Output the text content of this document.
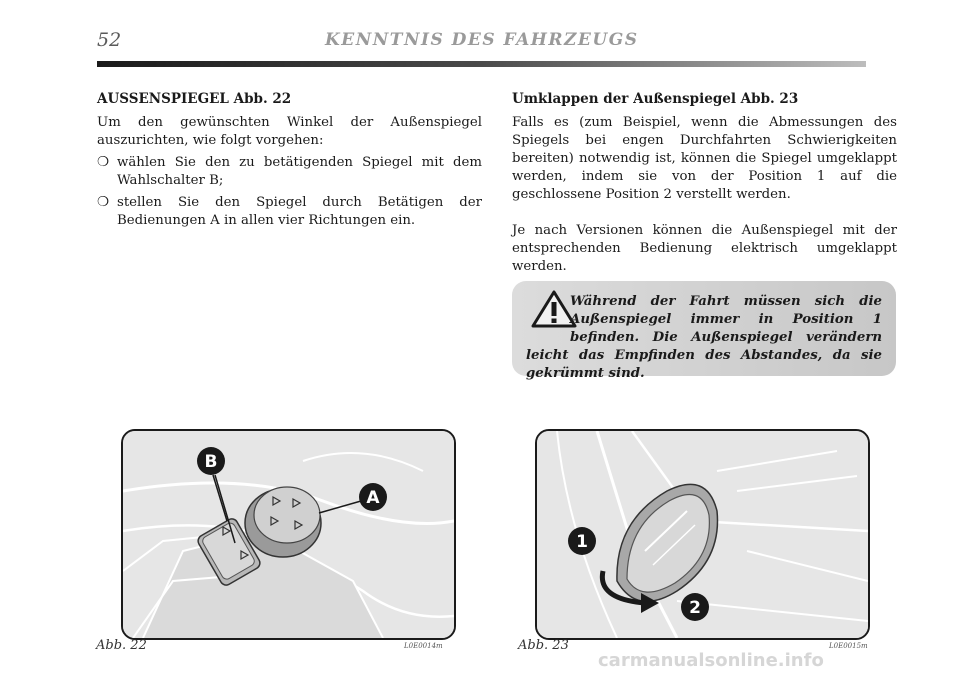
52	KENNTNIS DES FAHRZEUGS
AUSSENSPIEGEL Abb. 22

Um den gewünschten Winkel der Außenspiegel auszurichten, wie folgt vorgehen:

❍ wählen Sie den zu betätigenden Spiegel mit dem Wahlschalter B;
❍ stellen Sie den Spiegel durch Betätigen der Bedienungen A in allen vier Richtungen ein.
Umklappen der Außenspiegel Abb. 23

Falls es (zum Beispiel, wenn die Abmessungen des Spiegels bei engen Durchfahrten Schwierigkeiten bereiten) notwendig ist, können die Spiegel umgeklappt werden, indem sie von der Position 1 auf die geschlossene Position 2 verstellt werden.

Je nach Versionen können die Außenspiegel mit der entsprechenden Bedienung elektrisch umgeklappt werden.

Während der Fahrt müssen sich die Außenspiegel immer in Position 1 befinden. Die Außenspiegel verändern leicht das Empfinden des Abstandes, da sie gekrümmt sind.
B
A
Abb. 22	L0E0014m
1
2
Abb. 23	L0E0015m
carmanualsonline.info
